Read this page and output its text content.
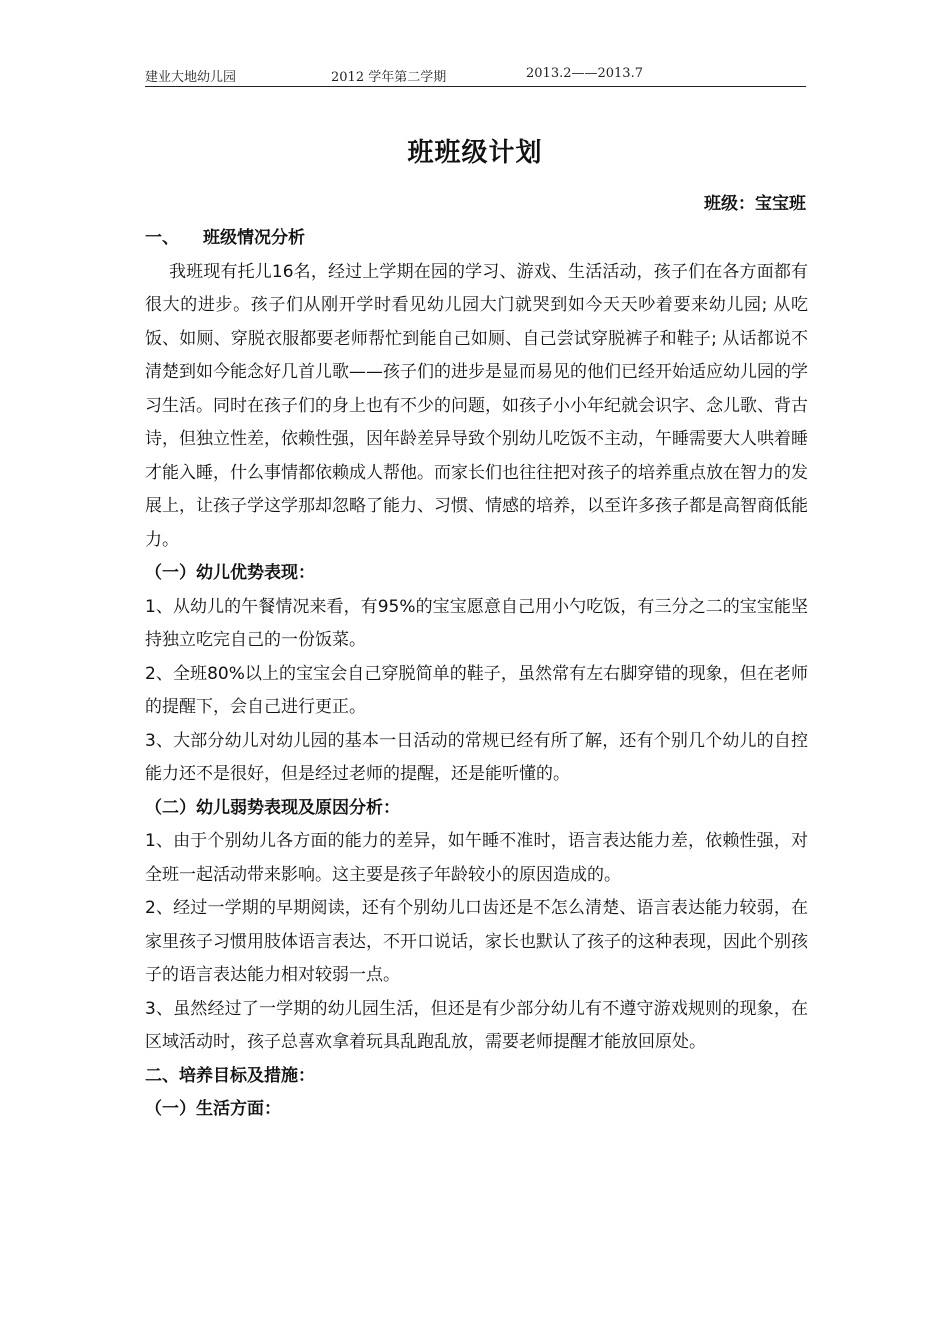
建业大地幼儿园	2012 学年第二学期	2013.2——2013.7
班班级计划
班级：宝宝班

一、 班级情况分析

我班现有托儿16名，经过上学期在园的学习、游戏、生活活动，孩子们在各方面都有很大的进步。孩子们从刚开学时看见幼儿园大门就哭到如今天天吵着要来幼儿园; 从吃饭、如厕、穿脱衣服都要老师帮忙到能自己如厕、自己尝试穿脱裤子和鞋子; 从话都说不清楚到如今能念好几首儿歌——孩子们的进步是显而易见的他们已经开始适应幼儿园的学习生活。同时在孩子们的身上也有不少的问题，如孩子小小年纪就会识字、念儿歌、背古诗，但独立性差，依赖性强，因年龄差异导致个别幼儿吃饭不主动，午睡需要大人哄着睡才能入睡，什么事情都依赖成人帮他。而家长们也往往把对孩子的培养重点放在智力的发展上，让孩子学这学那却忽略了能力、习惯、情感的培养，以至许多孩子都是高智商低能力。

（一）幼儿优势表现：

1、从幼儿的午餐情况来看，有95%的宝宝愿意自己用小勺吃饭，有三分之二的宝宝能坚持独立吃完自己的一份饭菜。

2、全班80%以上的宝宝会自己穿脱简单的鞋子，虽然常有左右脚穿错的现象，但在老师的提醒下，会自己进行更正。

3、大部分幼儿对幼儿园的基本一日活动的常规已经有所了解，还有个别几个幼儿的自控能力还不是很好，但是经过老师的提醒，还是能听懂的。

（二）幼儿弱势表现及原因分析：

1、由于个别幼儿各方面的能力的差异，如午睡不准时，语言表达能力差，依赖性强，对全班一起活动带来影响。这主要是孩子年龄较小的原因造成的。

2、经过一学期的早期阅读，还有个别幼儿口齿还是不怎么清楚、语言表达能力较弱，在家里孩子习惯用肢体语言表达，不开口说话，家长也默认了孩子的这种表现，因此个别孩子的语言表达能力相对较弱一点。

3、虽然经过了一学期的幼儿园生活，但还是有少部分幼儿有不遵守游戏规则的现象，在区域活动时，孩子总喜欢拿着玩具乱跑乱放，需要老师提醒才能放回原处。

二、培养目标及措施：

（一）生活方面：
